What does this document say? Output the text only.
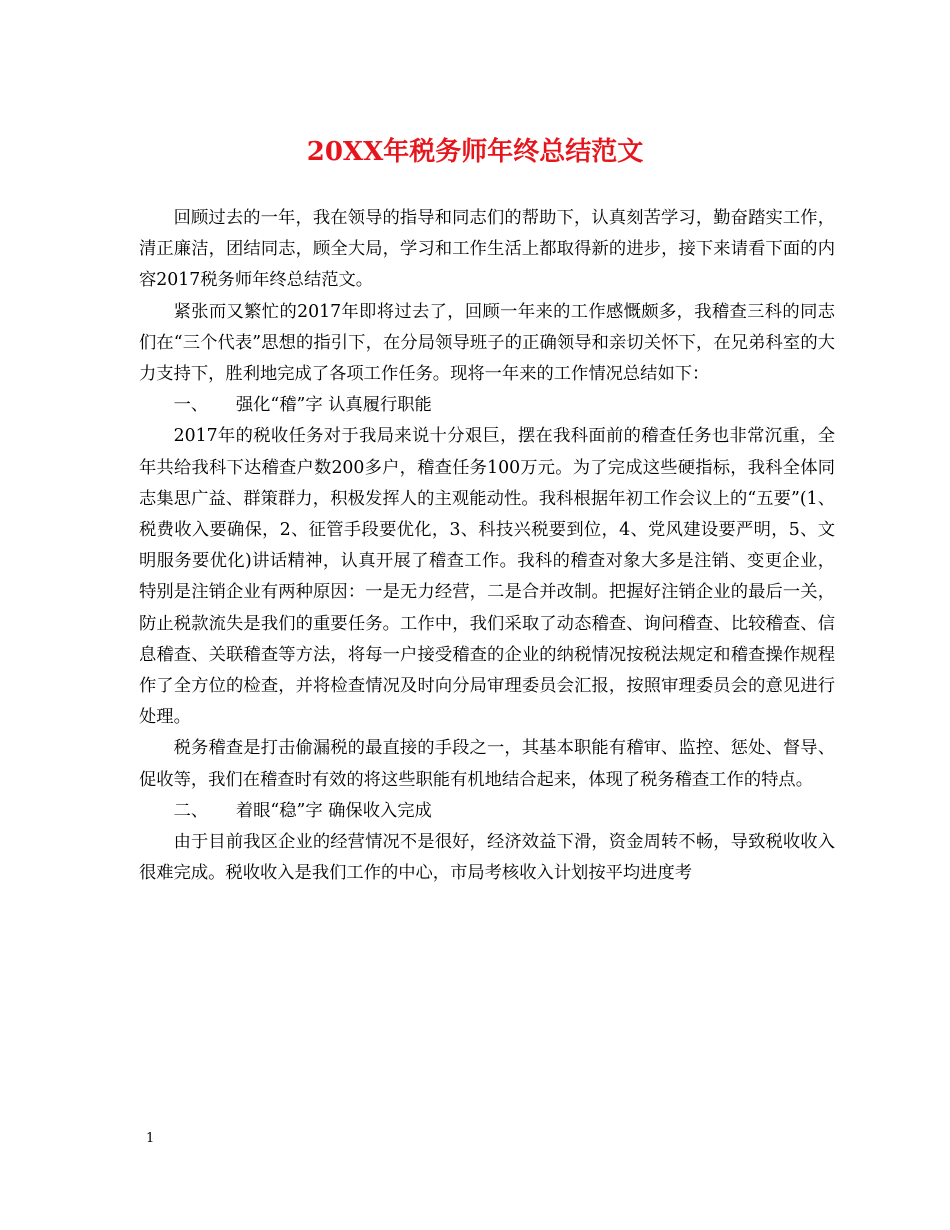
20XX年税务师年终总结范文

回顾过去的一年，我在领导的指导和同志们的帮助下，认真刻苦学习，勤奋踏实工作，清正廉洁，团结同志，顾全大局，学习和工作生活上都取得新的进步，接下来请看下面的内容2017税务师年终总结范文。

紧张而又繁忙的2017年即将过去了，回顾一年来的工作感慨颇多，我稽查三科的同志们在“三个代表”思想的指引下，在分局领导班子的正确领导和亲切关怀下，在兄弟科室的大力支持下，胜利地完成了各项工作任务。现将一年来的工作情况总结如下：

一、 强化“稽”字 认真履行职能

2017年的税收任务对于我局来说十分艰巨，摆在我科面前的稽查任务也非常沉重，全年共给我科下达稽查户数200多户，稽查任务100万元。为了完成这些硬指标，我科全体同志集思广益、群策群力，积极发挥人的主观能动性。我科根据年初工作会议上的“五要”(1、税费收入要确保，2、征管手段要优化，3、科技兴税要到位，4、党风建设要严明，5、文明服务要优化)讲话精神，认真开展了稽查工作。我科的稽查对象大多是注销、变更企业，特别是注销企业有两种原因：一是无力经营，二是合并改制。把握好注销企业的最后一关，防止税款流失是我们的重要任务。工作中，我们采取了动态稽查、询问稽查、比较稽查、信息稽查、关联稽查等方法，将每一户接受稽查的企业的纳税情况按税法规定和稽查操作规程作了全方位的检查，并将检查情况及时向分局审理委员会汇报，按照审理委员会的意见进行处理。

税务稽查是打击偷漏税的最直接的手段之一，其基本职能有稽审、监控、惩处、督导、促收等，我们在稽查时有效的将这些职能有机地结合起来，体现了税务稽查工作的特点。

二、 着眼“稳”字 确保收入完成

由于目前我区企业的经营情况不是很好，经济效益下滑，资金周转不畅，导致税收收入很难完成。税收收入是我们工作的中心，市局考核收入计划按平均进度考

1
